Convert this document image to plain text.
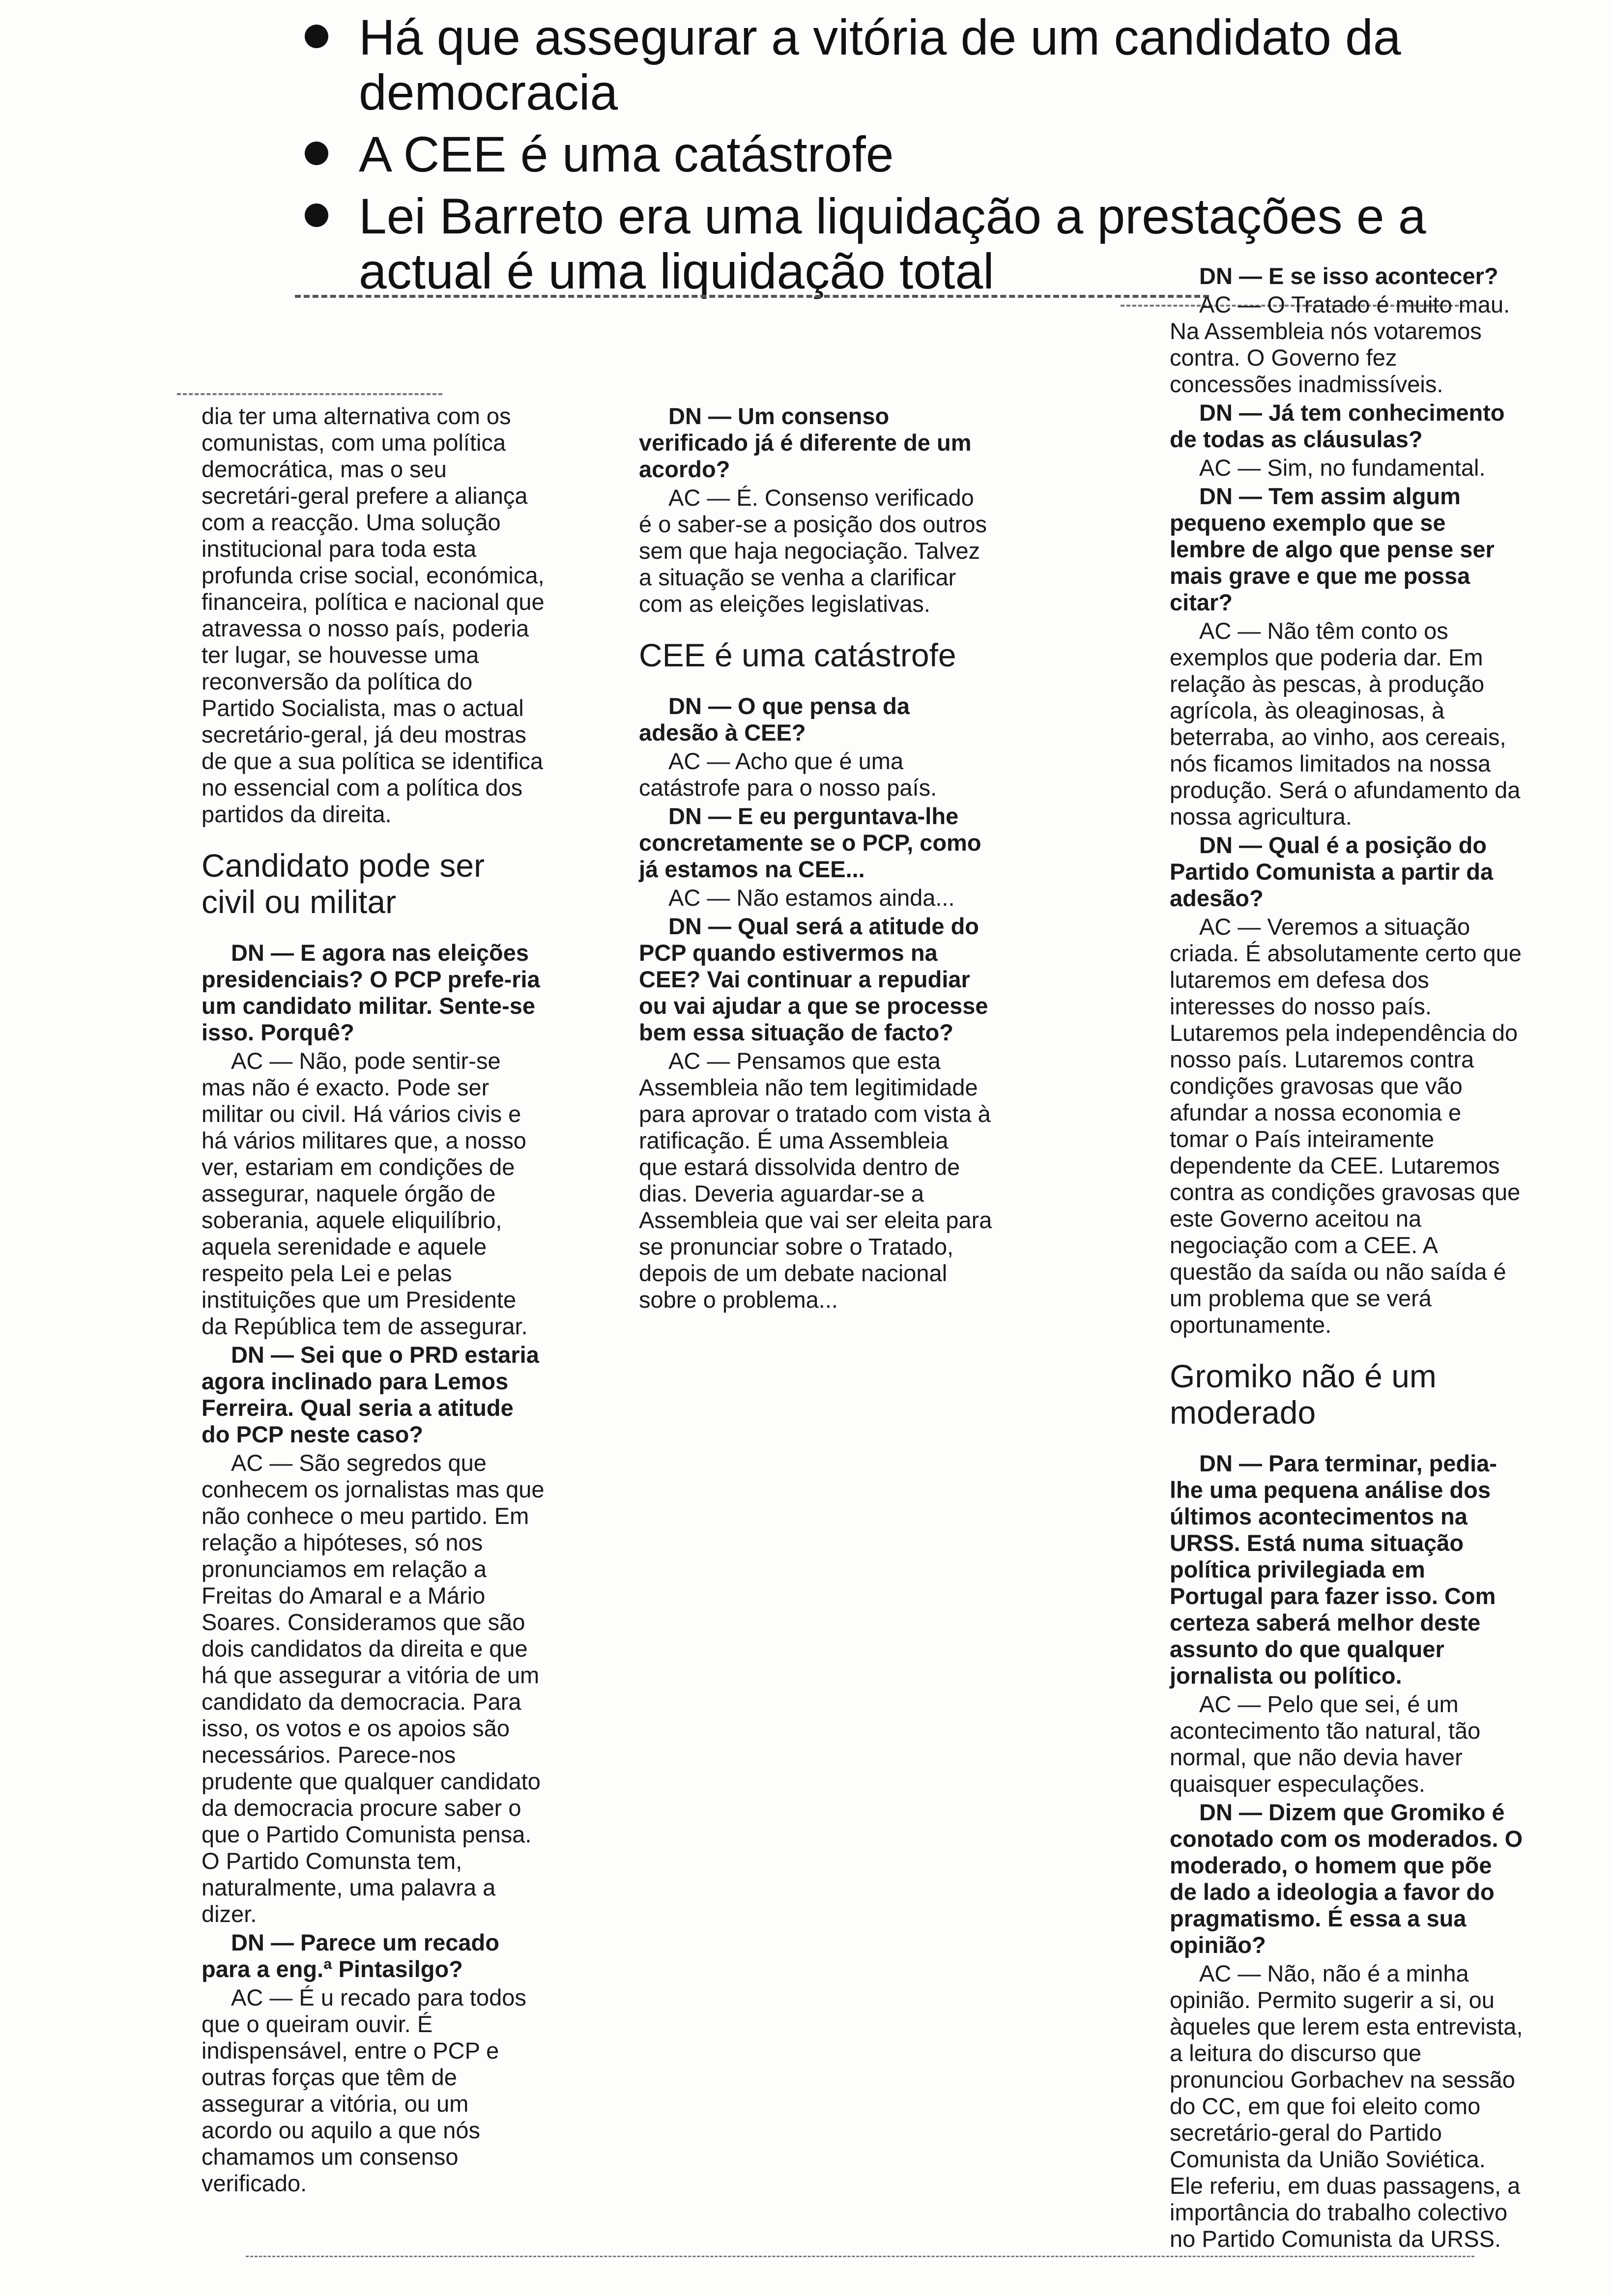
Há que assegurar a vitória de um candidato da democracia
A CEE é uma catástrofe
Lei Barreto era uma liquidação a prestações e a actual é uma liquidação total

dia ter uma alternativa com os comunistas, com uma política democrática, mas o seu secretári-geral prefere a aliança com a reacção. Uma solução institucional para toda esta profunda crise social, económica, financeira, política e nacional que atravessa o nosso país, poderia ter lugar, se houvesse uma reconversão da política do Partido Socialista, mas o actual secretário-geral, já deu mostras de que a sua política se identifica no essencial com a política dos partidos da direita.

Candidato pode ser civil ou militar

DN — E agora nas eleições presidenciais? O PCP prefe-ria um candidato militar. Sente-se isso. Porquê?

AC — Não, pode sentir-se mas não é exacto. Pode ser militar ou civil. Há vários civis e há vários militares que, a nosso ver, estariam em condições de assegurar, naquele órgão de soberania, aquele eliquilíbrio, aquela serenidade e aquele respeito pela Lei e pelas instituições que um Presidente da República tem de assegurar.

DN — Sei que o PRD estaria agora inclinado para Lemos Ferreira. Qual seria a atitude do PCP neste caso?

AC — São segredos que conhecem os jornalistas mas que não conhece o meu partido. Em relação a hipóteses, só nos pronunciamos em relação a Freitas do Amaral e a Mário Soares. Consideramos que são dois candidatos da direita e que há que assegurar a vitória de um candidato da democracia. Para isso, os votos e os apoios são necessários. Parece-nos prudente que qualquer candidato da democracia procure saber o que o Partido Comunista pensa. O Partido Comunsta tem, naturalmente, uma palavra a dizer.

DN — Parece um recado para a eng.ª Pintasilgo?

AC — É u recado para todos que o queiram ouvir. É indispensável, entre o PCP e outras forças que têm de assegurar a vitória, ou um acordo ou aquilo a que nós chamamos um consenso verificado.

DN — Um consenso verificado já é diferente de um acordo?

AC — É. Consenso verificado é o saber-se a posição dos outros sem que haja negociação. Talvez a situação se venha a clarificar com as eleições legislativas.

CEE é uma catástrofe

DN — O que pensa da adesão à CEE?

AC — Acho que é uma catástrofe para o nosso país.

DN — E eu perguntava-lhe concretamente se o PCP, como já estamos na CEE...

AC — Não estamos ainda...

DN — Qual será a atitude do PCP quando estivermos na CEE? Vai continuar a repudiar ou vai ajudar a que se processe bem essa situação de facto?

AC — Pensamos que esta Assembleia não tem legitimidade para aprovar o tratado com vista à ratificação. É uma Assembleia que estará dissolvida dentro de dias. Deveria aguardar-se a Assembleia que vai ser eleita para se pronunciar sobre o Tratado, depois de um debate nacional sobre o problema...

DN — E se isso acontecer?

AC — O Tratado é muito mau. Na Assembleia nós votaremos contra. O Governo fez concessões inadmissíveis.

DN — Já tem conhecimento de todas as cláusulas?

AC — Sim, no fundamental.

DN — Tem assim algum pequeno exemplo que se lembre de algo que pense ser mais grave e que me possa citar?

AC — Não têm conto os exemplos que poderia dar. Em relação às pescas, à produção agrícola, às oleaginosas, à beterraba, ao vinho, aos cereais, nós ficamos limitados na nossa produção. Será o afundamento da nossa agricultura.

DN — Qual é a posição do Partido Comunista a partir da adesão?

AC — Veremos a situação criada. É absolutamente certo que lutaremos em defesa dos interesses do nosso país. Lutaremos pela independência do nosso país. Lutaremos contra condições gravosas que vão afundar a nossa economia e tomar o País inteiramente dependente da CEE. Lutaremos contra as condições gravosas que este Governo aceitou na negociação com a CEE. A questão da saída ou não saída é um problema que se verá oportunamente.

Gromiko não é um moderado

DN — Para terminar, pedia-lhe uma pequena análise dos últimos acontecimentos na URSS. Está numa situação política privilegiada em Portugal para fazer isso. Com certeza saberá melhor deste assunto do que qualquer jornalista ou político.

AC — Pelo que sei, é um acontecimento tão natural, tão normal, que não devia haver quaisquer especulações.

DN — Dizem que Gromiko é conotado com os moderados. O moderado, o homem que põe de lado a ideologia a favor do pragmatismo. É essa a sua opinião?

AC — Não, não é a minha opinião. Permito sugerir a si, ou àqueles que lerem esta entrevista, a leitura do discurso que pronunciou Gorbachev na sessão do CC, em que foi eleito como secretário-geral do Partido Comunista da União Soviética. Ele referiu, em duas passagens, a importância do trabalho colectivo no Partido Comunista da URSS.
